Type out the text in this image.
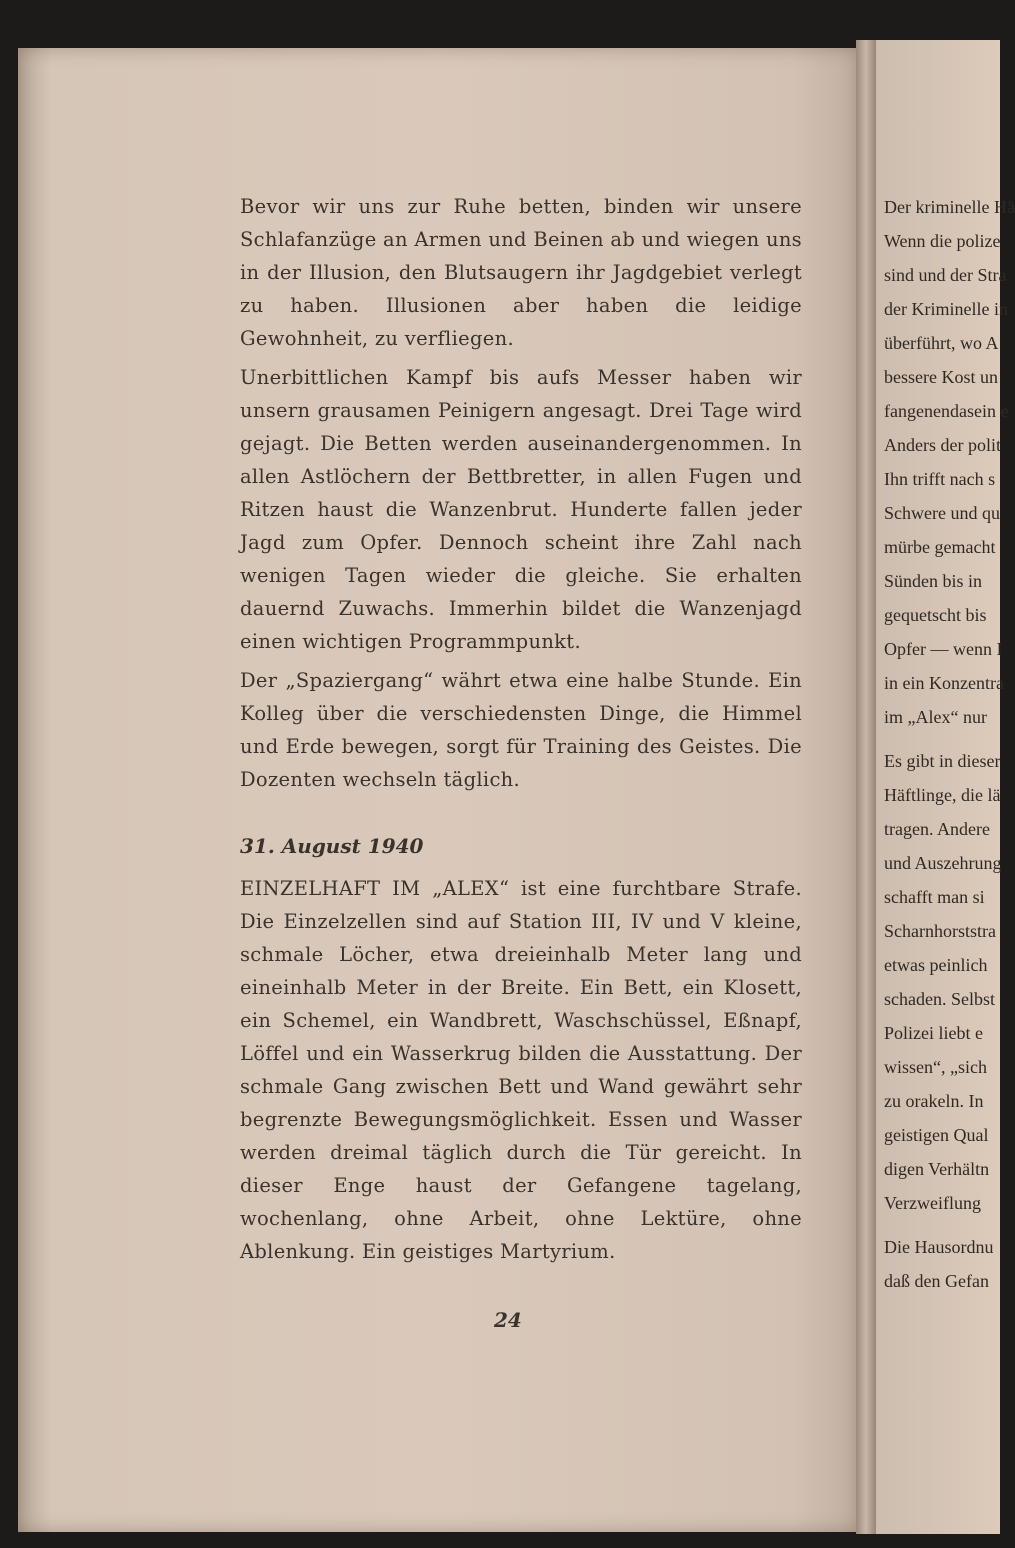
Der kriminelle Hä
Wenn die polize
sind und der Stra
der Kriminelle in
überführt, wo A
bessere Kost un
fangenendasein e
Anders der polit
Ihn trifft nach s
Schwere und qu
mürbe gemacht
Sünden bis in
gequetscht bis
Opfer — wenn I
in ein Konzentra
im „Alex“ nur
Es gibt in dieser
Häftlinge, die lä
tragen. Andere
und Auszehrung
schafft man si
Scharnhorststra
etwas peinlich
schaden. Selbst
Polizei liebt e
wissen“, „sich
zu orakeln. In
geistigen Qual
digen Verhältn
Verzweiflung
Die Hausordnu
daß den Gefan

Bevor wir uns zur Ruhe betten, binden wir unsere Schlafanzüge an Armen und Beinen ab und wiegen uns in der Illusion, den Blutsaugern ihr Jagdgebiet verlegt zu haben. Illusionen aber haben die leidige Gewohnheit, zu verfliegen.

Unerbittlichen Kampf bis aufs Messer haben wir unsern grausamen Peinigern angesagt. Drei Tage wird gejagt. Die Betten werden auseinandergenommen. In allen Astlöchern der Bettbretter, in allen Fugen und Ritzen haust die Wanzenbrut. Hunderte fallen jeder Jagd zum Opfer. Dennoch scheint ihre Zahl nach wenigen Tagen wieder die gleiche. Sie erhalten dauernd Zuwachs. Immerhin bildet die Wanzenjagd einen wichtigen Programmpunkt.

Der „Spaziergang“ währt etwa eine halbe Stunde. Ein Kolleg über die verschiedensten Dinge, die Himmel und Erde bewegen, sorgt für Training des Geistes. Die Dozenten wechseln täglich.

31. August 1940

EINZELHAFT IM „ALEX“ ist eine furchtbare Strafe. Die Einzelzellen sind auf Station III, IV und V kleine, schmale Löcher, etwa dreieinhalb Meter lang und eineinhalb Meter in der Breite. Ein Bett, ein Klosett, ein Schemel, ein Wandbrett, Waschschüssel, Eßnapf, Löffel und ein Wasserkrug bilden die Ausstattung. Der schmale Gang zwischen Bett und Wand gewährt sehr begrenzte Bewegungsmöglichkeit. Essen und Wasser werden dreimal täglich durch die Tür gereicht. In dieser Enge haust der Gefangene tagelang, wochenlang, ohne Arbeit, ohne Lektüre, ohne Ablenkung. Ein geistiges Martyrium.

24
